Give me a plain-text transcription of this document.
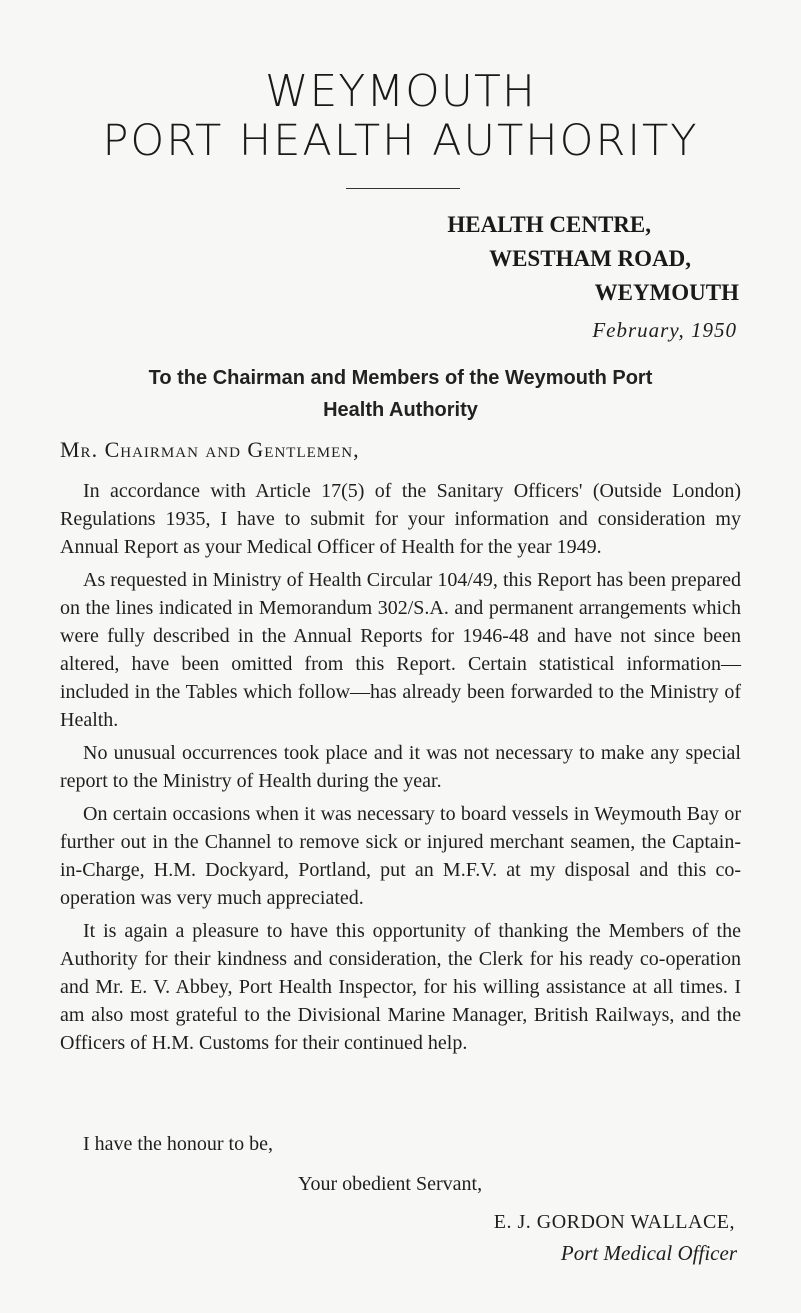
WEYMOUTH
PORT HEALTH AUTHORITY
HEALTH CENTRE,
WESTHAM ROAD,
WEYMOUTH
February, 1950
To the Chairman and Members of the Weymouth Port
Health Authority
Mr. Chairman and Gentlemen,

In accordance with Article 17(5) of the Sanitary Officers' (Outside London) Regulations 1935, I have to submit for your information and consideration my Annual Report as your Medical Officer of Health for the year 1949.

As requested in Ministry of Health Circular 104/49, this Report has been prepared on the lines indicated in Memorandum 302/S.A. and permanent arrangements which were fully described in the Annual Reports for 1946-48 and have not since been altered, have been omitted from this Report. Certain statistical information—included in the Tables which follow—has already been forwarded to the Ministry of Health.

No unusual occurrences took place and it was not necessary to make any special report to the Ministry of Health during the year.

On certain occasions when it was necessary to board vessels in Weymouth Bay or further out in the Channel to remove sick or injured merchant seamen, the Captain-in-Charge, H.M. Dockyard, Portland, put an M.F.V. at my disposal and this co-operation was very much appreciated.

It is again a pleasure to have this opportunity of thanking the Members of the Authority for their kindness and consideration, the Clerk for his ready co-operation and Mr. E. V. Abbey, Port Health Inspector, for his willing assistance at all times. I am also most grateful to the Divisional Marine Manager, British Railways, and the Officers of H.M. Customs for their continued help.

I have the honour to be,
Your obedient Servant,
E. J. GORDON WALLACE,
Port Medical Officer
